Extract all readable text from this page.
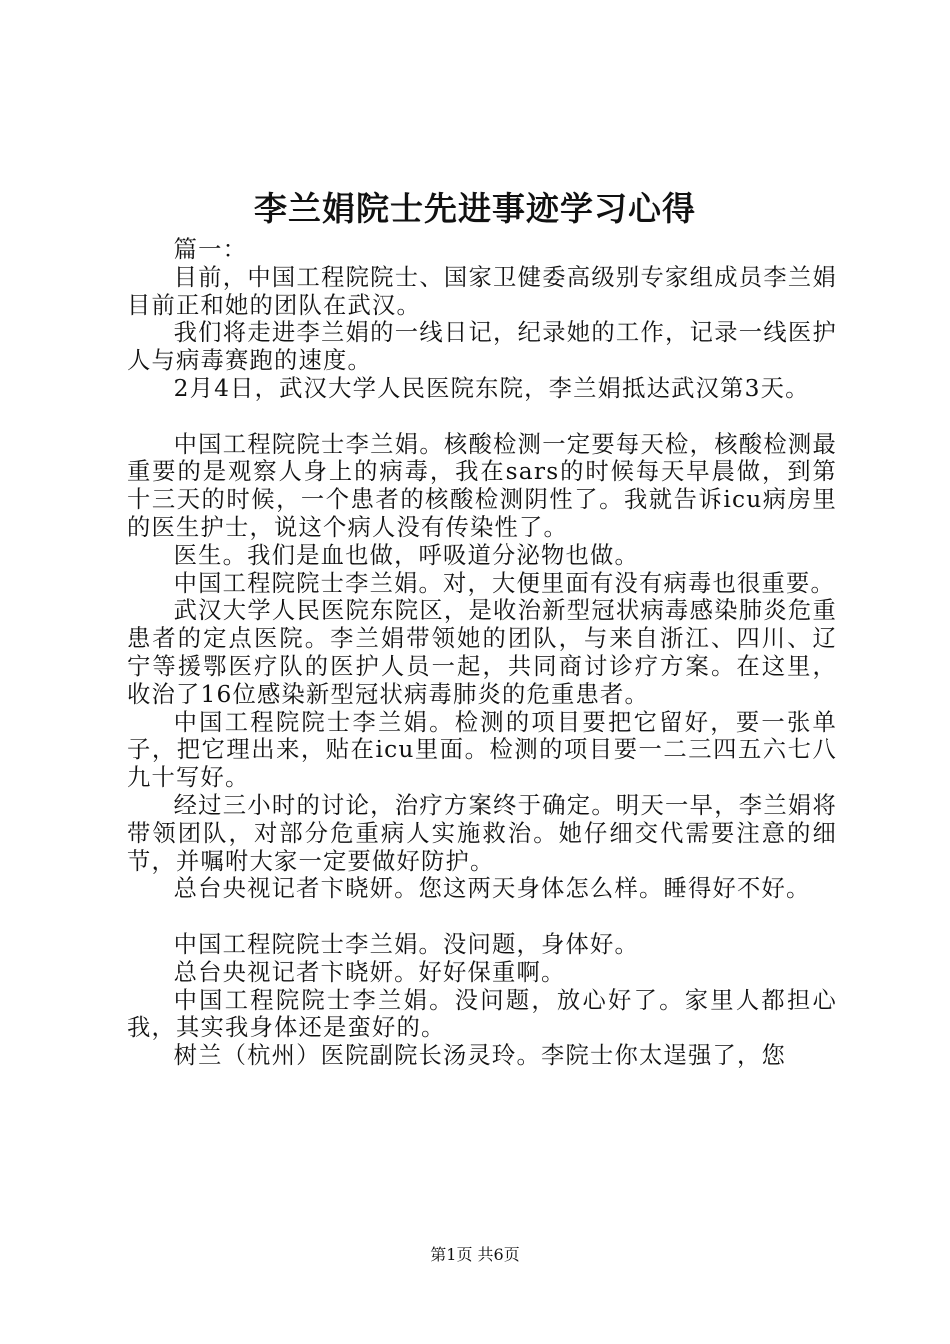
李兰娟院士先进事迹学习心得

篇一：

目前，中国工程院院士、国家卫健委高级别专家组成员李兰娟目前正和她的团队在武汉。

我们将走进李兰娟的一线日记，纪录她的工作，记录一线医护人与病毒赛跑的速度。

2月4日，武汉大学人民医院东院，李兰娟抵达武汉第3天。

中国工程院院士李兰娟。核酸检测一定要每天检，核酸检测最重要的是观察人身上的病毒，我在sars的时候每天早晨做，到第十三天的时候，一个患者的核酸检测阴性了。我就告诉icu病房里的医生护士，说这个病人没有传染性了。

医生。我们是血也做，呼吸道分泌物也做。

中国工程院院士李兰娟。对，大便里面有没有病毒也很重要。

武汉大学人民医院东院区，是收治新型冠状病毒感染肺炎危重患者的定点医院。李兰娟带领她的团队，与来自浙江、四川、辽宁等援鄂医疗队的医护人员一起，共同商讨诊疗方案。在这里，收治了16位感染新型冠状病毒肺炎的危重患者。

中国工程院院士李兰娟。检测的项目要把它留好，要一张单子，把它理出来，贴在icu里面。检测的项目要一二三四五六七八九十写好。

经过三小时的讨论，治疗方案终于确定。明天一早，李兰娟将带领团队，对部分危重病人实施救治。她仔细交代需要注意的细节，并嘱咐大家一定要做好防护。

总台央视记者卞晓妍。您这两天身体怎么样。睡得好不好。

中国工程院院士李兰娟。没问题，身体好。

总台央视记者卞晓妍。好好保重啊。

中国工程院院士李兰娟。没问题，放心好了。家里人都担心我，其实我身体还是蛮好的。

树兰（杭州）医院副院长汤灵玲。李院士你太逞强了，您

第1页 共6页
